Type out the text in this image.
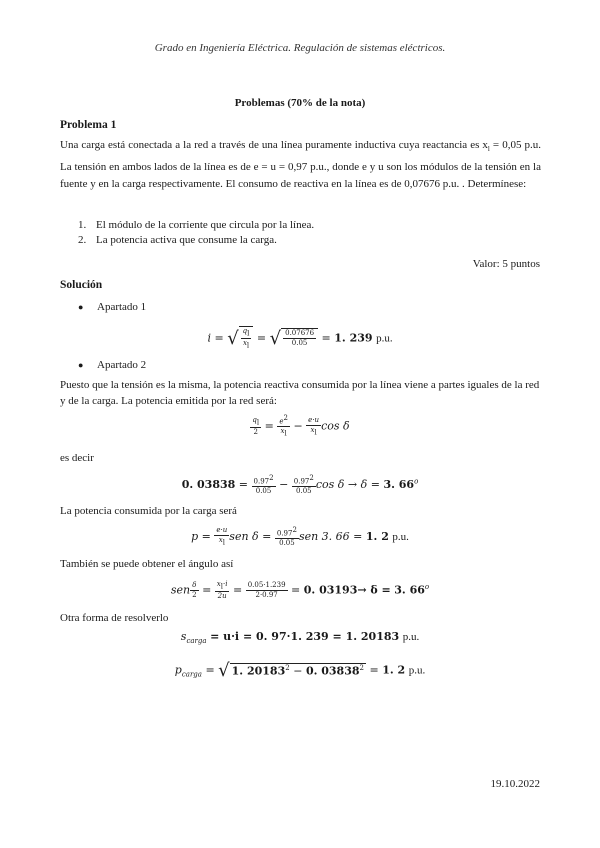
Grado en Ingeniería Eléctrica. Regulación de sistemas eléctricos.
Problemas (70% de la nota)
Problema 1
Una carga está conectada a la red a través de una línea puramente inductiva cuya reactancia es $x_l = 0,05$ p.u. La tensión en ambos lados de la línea es de e = u = 0,97 p.u., donde e y u son los módulos de la tensión en la fuente y en la carga respectivamente. El consumo de reactiva en la línea es de 0,07676 p.u. . Determínese:
1. El módulo de la corriente que circula por la línea.
2. La potencia activa que consume la carga.
Valor: 5 puntos
Solución
● Apartado 1
i = √ $\frac{q_l}{x_l}$ = √ $\frac{0.07676}{0.05} = 1$. 239 p.u.
● Apartado 2
Puesto que la tensión es la misma, la potencia reactiva consumida por la línea viene a partes iguales de la red y de la carga. La potencia emitida por la red será:
$\frac{q_l}{2} = \frac{e^2}{x_l} - \frac{e\cdot u}{x_l}$ cos δ
es decir
0. $03838 = \frac{0.97^2}{0.05} - \frac{0.97^2}{0.05}$ cos δ → δ = 3. 66$^o$
La potencia consumida por la carga será
$p = \frac{e\cdot u}{x_l}$ sen $\delta = \frac{0.97^2}{0.05}$ sen 3. 66 = 1. 2 p.u.
También se puede obtener el ángulo así
sen $\frac{\delta}{2} = \frac{x_l\cdot i}{2u} = \frac{0.05\cdot 1.239}{2\cdot 0.97} = 0$. 03193→ δ = 3. 66$^o$
Otra forma de resolverlo
$s_{carga} = u\cdot i = 0$. 97·1. 239 = 1. 20183 p.u.
$p_{carga}$ = √ 1. $20183^2 - 0$. $03838^2 = 1$. 2 p.u.
19.10.2022
